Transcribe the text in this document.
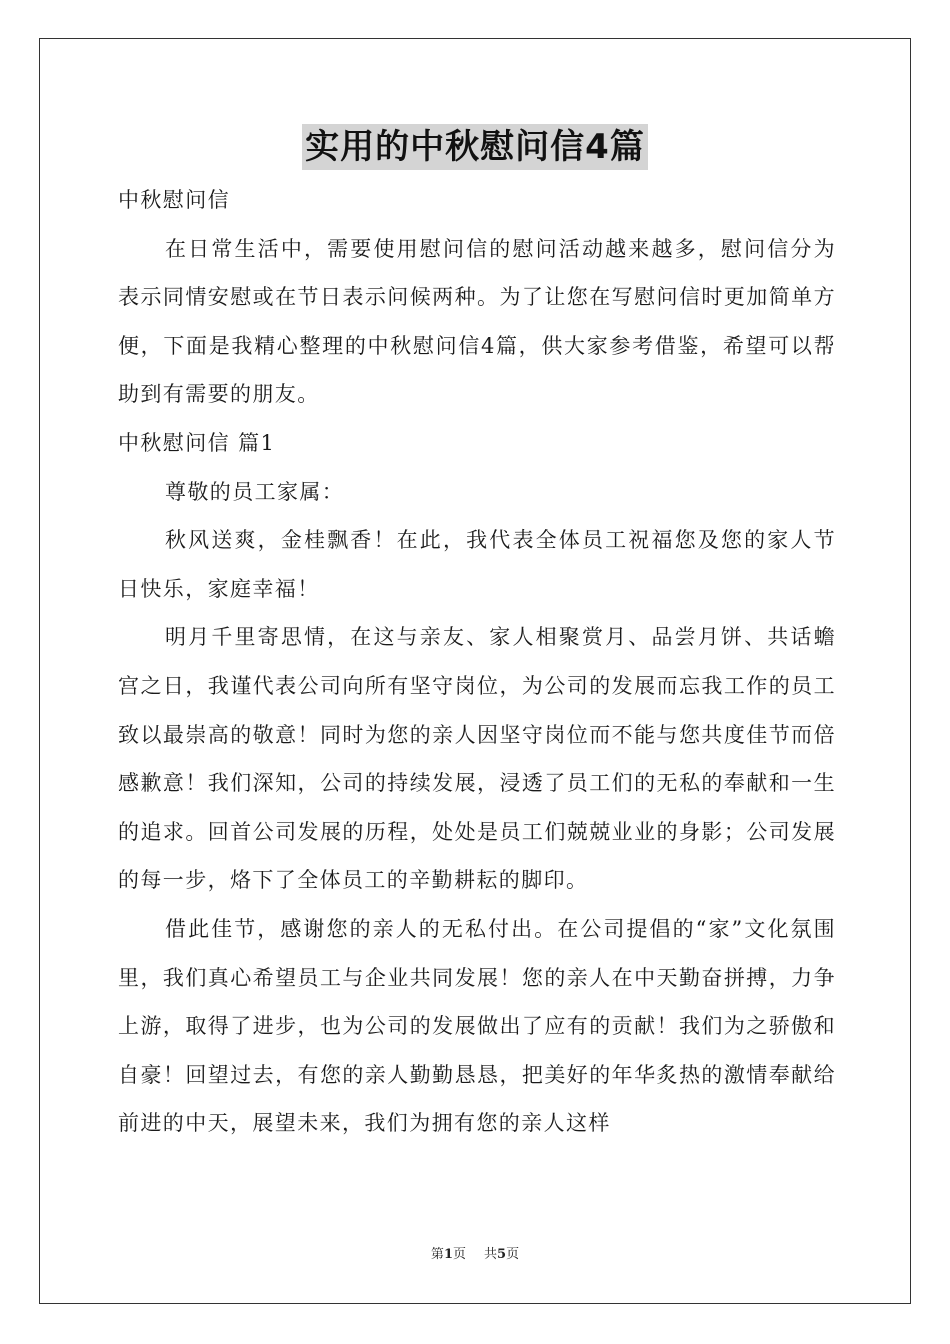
实用的中秋慰问信4篇

中秋慰问信

在日常生活中，需要使用慰问信的慰问活动越来越多，慰问信分为表示同情安慰或在节日表示问候两种。为了让您在写慰问信时更加简单方便，下面是我精心整理的中秋慰问信4篇，供大家参考借鉴，希望可以帮助到有需要的朋友。

中秋慰问信 篇1

尊敬的员工家属：

秋风送爽，金桂飘香！在此，我代表全体员工祝福您及您的家人节日快乐，家庭幸福！

明月千里寄思情，在这与亲友、家人相聚赏月、品尝月饼、共话蟾宫之日，我谨代表公司向所有坚守岗位，为公司的发展而忘我工作的员工致以最崇高的敬意！同时为您的亲人因坚守岗位而不能与您共度佳节而倍感歉意！我们深知，公司的持续发展，浸透了员工们的无私的奉献和一生的追求。回首公司发展的历程，处处是员工们兢兢业业的身影；公司发展的每一步，烙下了全体员工的辛勤耕耘的脚印。

借此佳节，感谢您的亲人的无私付出。在公司提倡的“家”文化氛围里，我们真心希望员工与企业共同发展！您的亲人在中天勤奋拼搏，力争上游，取得了进步，也为公司的发展做出了应有的贡献！我们为之骄傲和自豪！回望过去，有您的亲人勤勤恳恳，把美好的年华炙热的激情奉献给前进的中天，展望未来，我们为拥有您的亲人这样

第1页 共5页
